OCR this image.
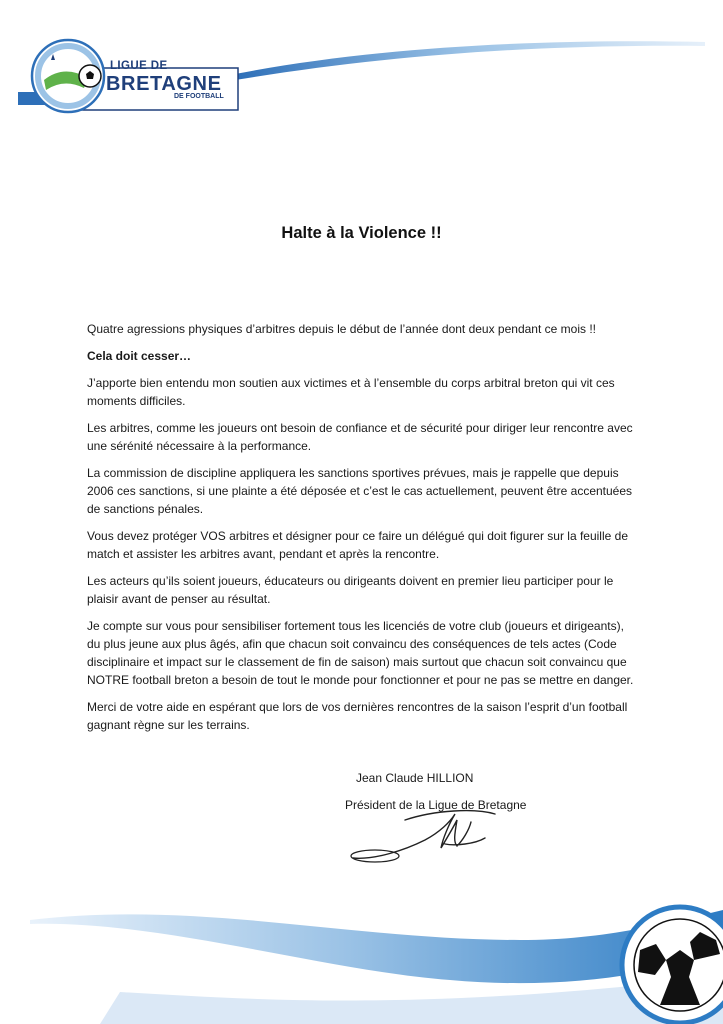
LIGUE DE
BRETAGNE
DE FOOTBALL
Halte à la Violence !!

Quatre agressions physiques d’arbitres depuis le début de l’année dont deux pendant ce mois !!

Cela doit cesser…

J’apporte bien entendu mon soutien aux victimes et à l’ensemble du corps arbitral breton qui vit ces moments difficiles.

Les arbitres, comme les joueurs ont besoin de confiance et de sécurité pour diriger leur rencontre avec une sérénité nécessaire à la performance.

La commission de discipline appliquera les sanctions sportives prévues, mais je rappelle que depuis 2006 ces sanctions, si une plainte a été déposée et c’est le cas actuellement, peuvent être accentuées de sanctions pénales.

Vous devez protéger VOS arbitres et désigner pour ce faire un délégué qui doit figurer sur la feuille de match et assister les arbitres avant, pendant et après la rencontre.

Les acteurs qu’ils soient joueurs, éducateurs ou dirigeants doivent en premier lieu participer pour le plaisir avant de penser au résultat.

Je compte sur vous pour sensibiliser fortement tous les licenciés de votre club (joueurs et dirigeants), du plus jeune aux plus âgés, afin que chacun soit convaincu des conséquences de tels actes (Code disciplinaire et impact sur le classement de fin de saison) mais surtout que chacun soit convaincu que NOTRE football breton a besoin de tout le monde pour fonctionner et pour ne pas se mettre en danger.

Merci de votre aide en espérant que lors de vos dernières rencontres de la saison l’esprit d’un football gagnant règne sur les terrains.

Jean Claude HILLION
Président de la Ligue de Bretagne
